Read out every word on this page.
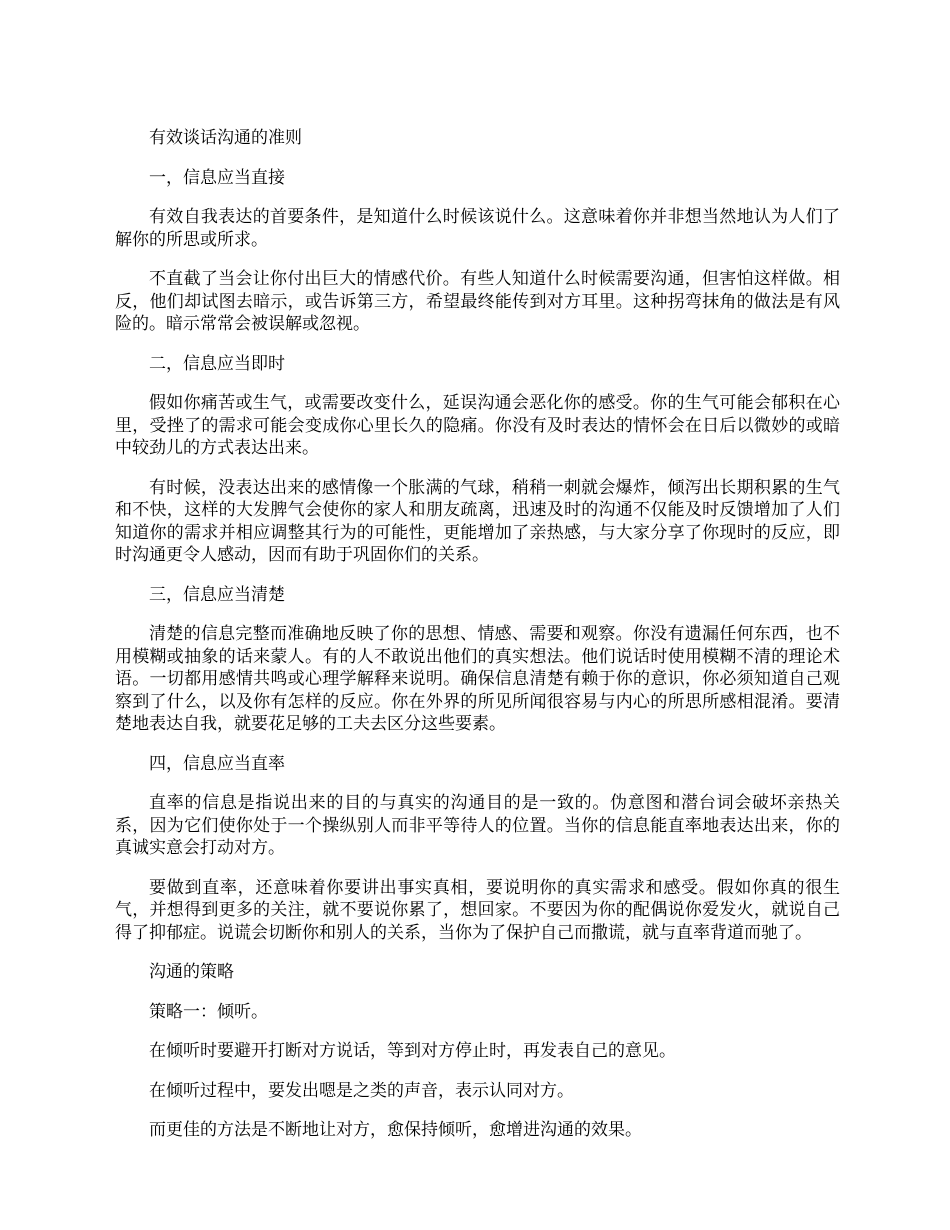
有效谈话沟通的准则

一，信息应当直接

有效自我表达的首要条件，是知道什么时候该说什么。这意味着你并非想当然地认为人们了解你的所思或所求。

不直截了当会让你付出巨大的情感代价。有些人知道什么时候需要沟通，但害怕这样做。相反，他们却试图去暗示，或告诉第三方，希望最终能传到对方耳里。这种拐弯抹角的做法是有风险的。暗示常常会被误解或忽视。

二，信息应当即时

假如你痛苦或生气，或需要改变什么，延误沟通会恶化你的感受。你的生气可能会郁积在心里，受挫了的需求可能会变成你心里长久的隐痛。你没有及时表达的情怀会在日后以微妙的或暗中较劲儿的方式表达出来。

有时候，没表达出来的感情像一个胀满的气球，稍稍一刺就会爆炸，倾泻出长期积累的生气和不快，这样的大发脾气会使你的家人和朋友疏离，迅速及时的沟通不仅能及时反馈增加了人们知道你的需求并相应调整其行为的可能性，更能增加了亲热感，与大家分享了你现时的反应，即时沟通更令人感动，因而有助于巩固你们的关系。

三，信息应当清楚

清楚的信息完整而准确地反映了你的思想、情感、需要和观察。你没有遗漏任何东西，也不用模糊或抽象的话来蒙人。有的人不敢说出他们的真实想法。他们说话时使用模糊不清的理论术语。一切都用感情共鸣或心理学解释来说明。确保信息清楚有赖于你的意识，你必须知道自己观察到了什么，以及你有怎样的反应。你在外界的所见所闻很容易与内心的所思所感相混淆。要清楚地表达自我，就要花足够的工夫去区分这些要素。

四，信息应当直率

直率的信息是指说出来的目的与真实的沟通目的是一致的。伪意图和潜台词会破坏亲热关系，因为它们使你处于一个操纵别人而非平等待人的位置。当你的信息能直率地表达出来，你的真诚实意会打动对方。

要做到直率，还意味着你要讲出事实真相，要说明你的真实需求和感受。假如你真的很生气，并想得到更多的关注，就不要说你累了，想回家。不要因为你的配偶说你爱发火，就说自己得了抑郁症。说谎会切断你和别人的关系，当你为了保护自己而撒谎，就与直率背道而驰了。

沟通的策略

策略一：倾听。

在倾听时要避开打断对方说话，等到对方停止时，再发表自己的意见。

在倾听过程中，要发出嗯是之类的声音，表示认同对方。

而更佳的方法是不断地让对方，愈保持倾听，愈增进沟通的效果。
